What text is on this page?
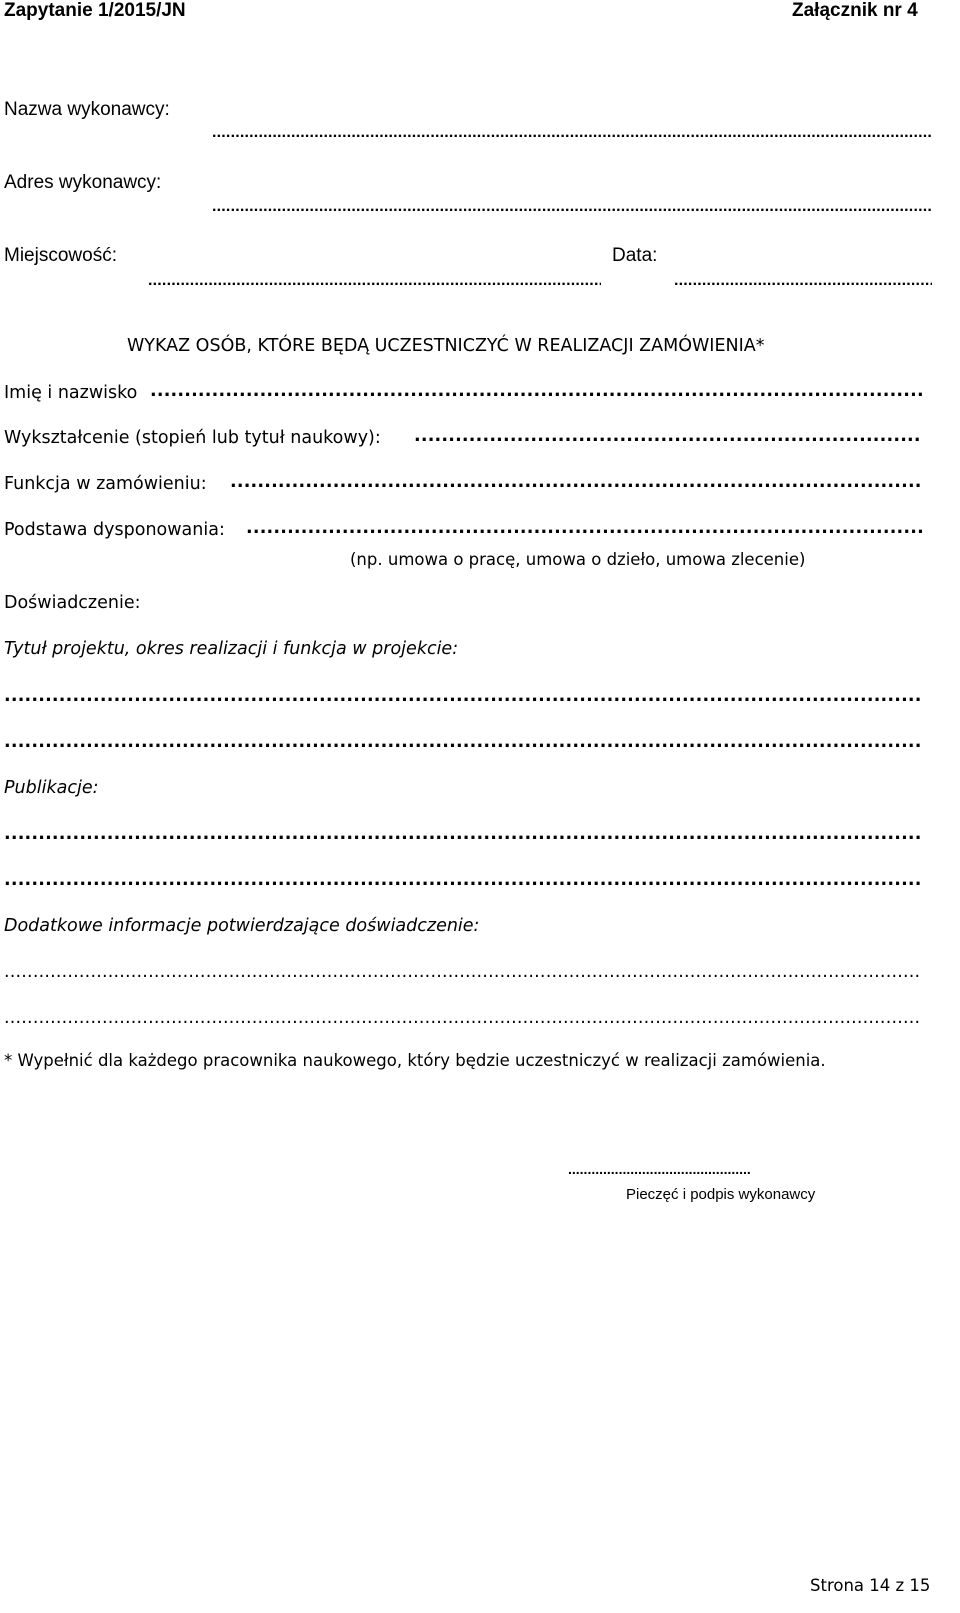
Zapytanie 1/2015/JN	Załącznik nr 4
Nazwa wykonawcy:
.....
Adres wykonawcy:
.....
Miejscowość:
.....	Data:
.....
WYKAZ OSÓB, KTÓRE BĘDĄ UCZESTNICZYĆ W REALIZACJI ZAMÓWIENIA*
Imię i nazwisko
.....
Wykształcenie (stopień lub tytuł naukowy):
.....
Funkcja w zamówieniu:
.....
Podstawa dysponowania:
.....
(np. umowa o pracę, umowa o dzieło, umowa zlecenie)
Doświadczenie:
Tytuł projektu, okres realizacji i funkcja w projekcie:
.....
.....
Publikacje:
.....
.....
Dodatkowe informacje potwierdzające doświadczenie:
.....
.....
* Wypełnić dla każdego pracownika naukowego, który będzie uczestniczyć w realizacji zamówienia.
...............................................
Pieczęć i podpis wykonawcy
Strona 14 z 15
